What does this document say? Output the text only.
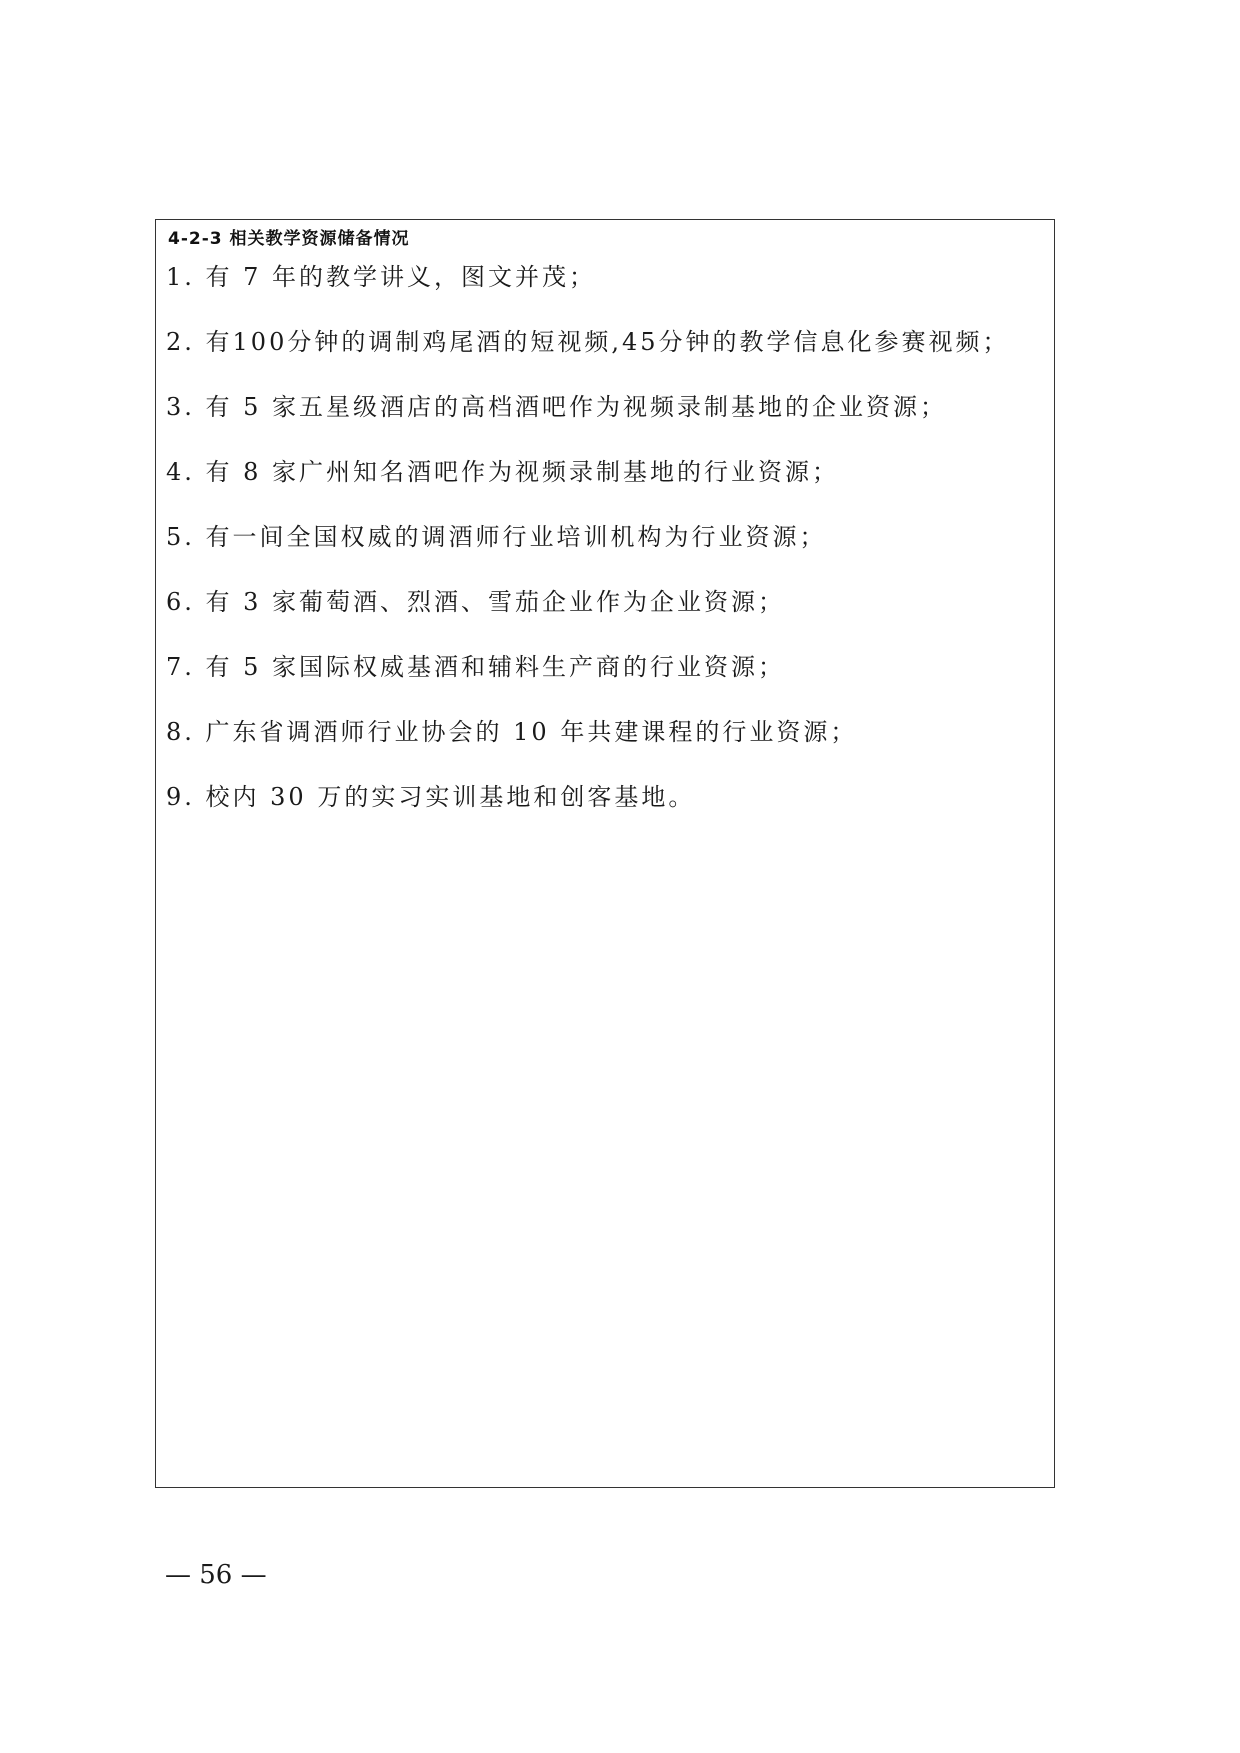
4-2-3 相关教学资源储备情况
1. 有 7 年的教学讲义，图文并茂；
2. 有100分钟的调制鸡尾酒的短视频,45分钟的教学信息化参赛视频；
3. 有 5 家五星级酒店的高档酒吧作为视频录制基地的企业资源；
4. 有 8 家广州知名酒吧作为视频录制基地的行业资源；
5. 有一间全国权威的调酒师行业培训机构为行业资源；
6. 有 3 家葡萄酒、烈酒、雪茄企业作为企业资源；
7. 有 5 家国际权威基酒和辅料生产商的行业资源；
8. 广东省调酒师行业协会的 10 年共建课程的行业资源；
9. 校内 30 万的实习实训基地和创客基地。
— 56 —
